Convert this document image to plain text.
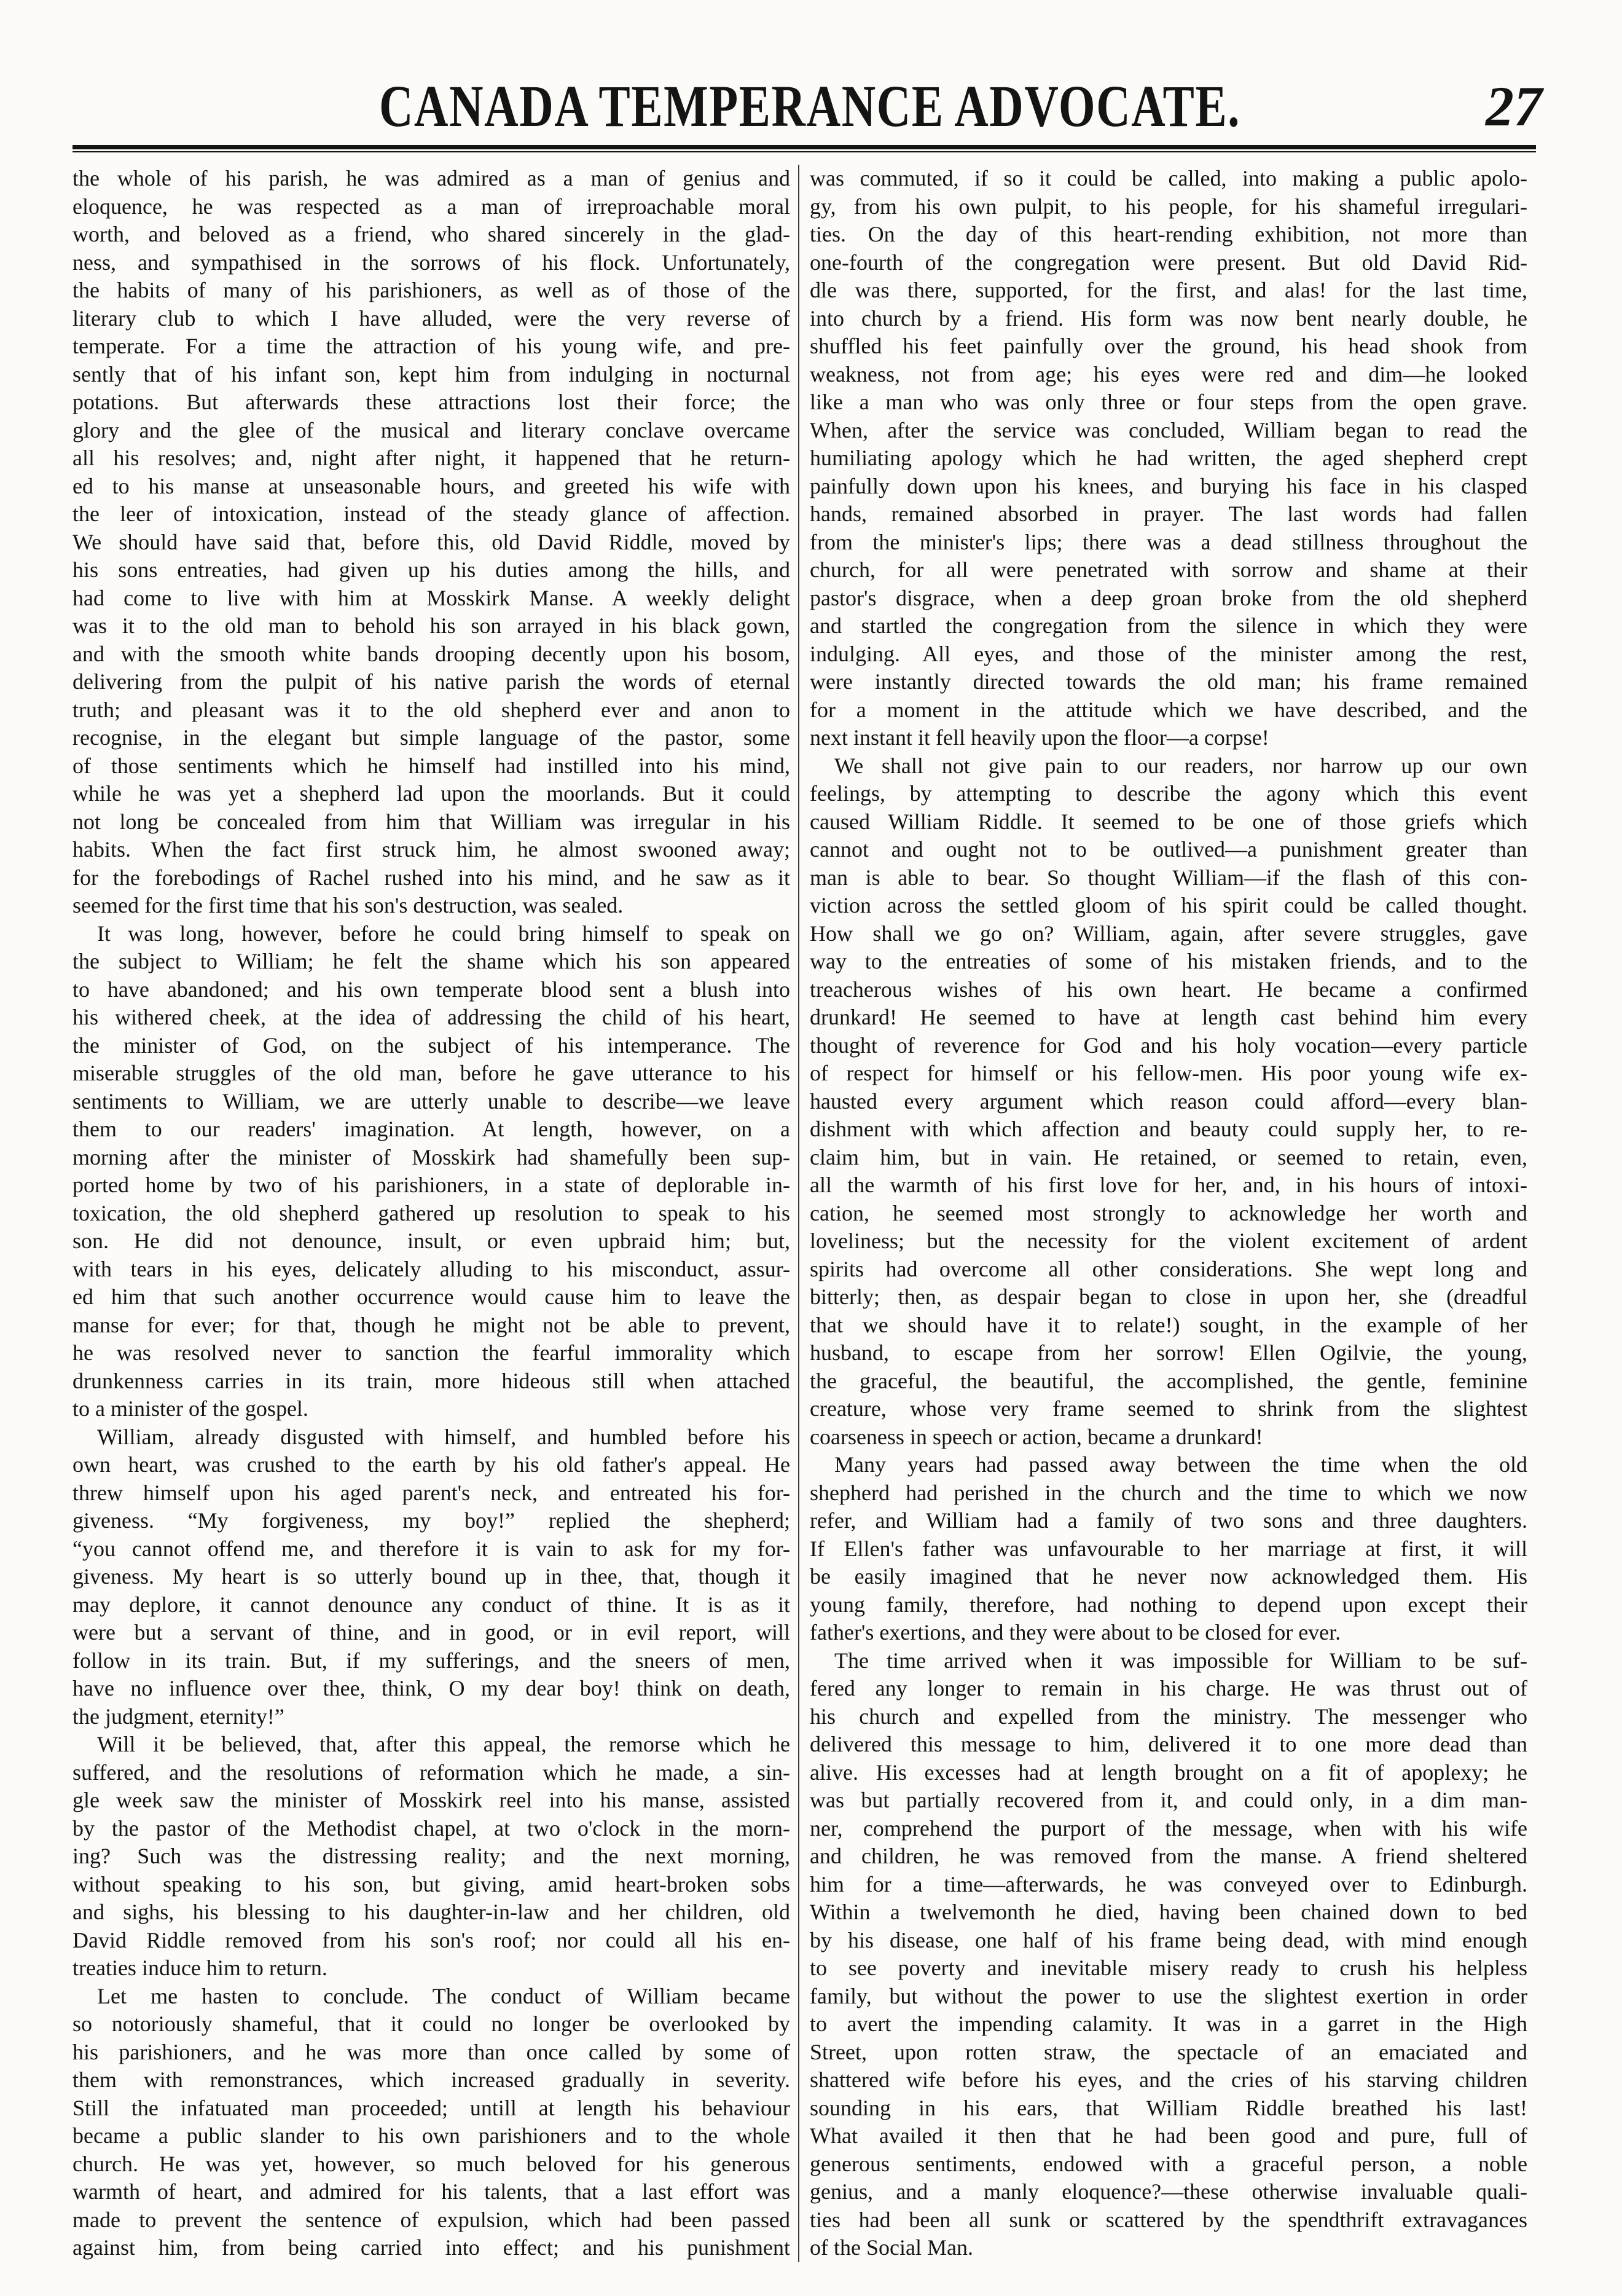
CANADA TEMPERANCE ADVOCATE.	27
the whole of his parish, he was admired as a man of genius and
eloquence, he was respected as a man of irreproachable moral
worth, and beloved as a friend, who shared sincerely in the glad-
ness, and sympathised in the sorrows of his flock. Unfortunately,
the habits of many of his parishioners, as well as of those of the
literary club to which I have alluded, were the very reverse of
temperate. For a time the attraction of his young wife, and pre-
sently that of his infant son, kept him from indulging in nocturnal
potations. But afterwards these attractions lost their force; the
glory and the glee of the musical and literary conclave overcame
all his resolves; and, night after night, it happened that he return-
ed to his manse at unseasonable hours, and greeted his wife with
the leer of intoxication, instead of the steady glance of affection.
We should have said that, before this, old David Riddle, moved by
his sons entreaties, had given up his duties among the hills, and
had come to live with him at Mosskirk Manse. A weekly delight
was it to the old man to behold his son arrayed in his black gown,
and with the smooth white bands drooping decently upon his bosom,
delivering from the pulpit of his native parish the words of eternal
truth; and pleasant was it to the old shepherd ever and anon to
recognise, in the elegant but simple language of the pastor, some
of those sentiments which he himself had instilled into his mind,
while he was yet a shepherd lad upon the moorlands. But it could
not long be concealed from him that William was irregular in his
habits. When the fact first struck him, he almost swooned away;
for the forebodings of Rachel rushed into his mind, and he saw as it
seemed for the first time that his son's destruction, was sealed.
It was long, however, before he could bring himself to speak on
the subject to William; he felt the shame which his son appeared
to have abandoned; and his own temperate blood sent a blush into
his withered cheek, at the idea of addressing the child of his heart,
the minister of God, on the subject of his intemperance. The
miserable struggles of the old man, before he gave utterance to his
sentiments to William, we are utterly unable to describe—we leave
them to our readers' imagination. At length, however, on a
morning after the minister of Mosskirk had shamefully been sup-
ported home by two of his parishioners, in a state of deplorable in-
toxication, the old shepherd gathered up resolution to speak to his
son. He did not denounce, insult, or even upbraid him; but,
with tears in his eyes, delicately alluding to his misconduct, assur-
ed him that such another occurrence would cause him to leave the
manse for ever; for that, though he might not be able to prevent,
he was resolved never to sanction the fearful immorality which
drunkenness carries in its train, more hideous still when attached
to a minister of the gospel.
William, already disgusted with himself, and humbled before his
own heart, was crushed to the earth by his old father's appeal. He
threw himself upon his aged parent's neck, and entreated his for-
giveness. “My forgiveness, my boy!” replied the shepherd;
“you cannot offend me, and therefore it is vain to ask for my for-
giveness. My heart is so utterly bound up in thee, that, though it
may deplore, it cannot denounce any conduct of thine. It is as it
were but a servant of thine, and in good, or in evil report, will
follow in its train. But, if my sufferings, and the sneers of men,
have no influence over thee, think, O my dear boy! think on death,
the judgment, eternity!”
Will it be believed, that, after this appeal, the remorse which he
suffered, and the resolutions of reformation which he made, a sin-
gle week saw the minister of Mosskirk reel into his manse, assisted
by the pastor of the Methodist chapel, at two o'clock in the morn-
ing? Such was the distressing reality; and the next morning,
without speaking to his son, but giving, amid heart-broken sobs
and sighs, his blessing to his daughter-in-law and her children, old
David Riddle removed from his son's roof; nor could all his en-
treaties induce him to return.
Let me hasten to conclude. The conduct of William became
so notoriously shameful, that it could no longer be overlooked by
his parishioners, and he was more than once called by some of
them with remonstrances, which increased gradually in severity.
Still the infatuated man proceeded; untill at length his behaviour
became a public slander to his own parishioners and to the whole
church. He was yet, however, so much beloved for his generous
warmth of heart, and admired for his talents, that a last effort was
made to prevent the sentence of expulsion, which had been passed
against him, from being carried into effect; and his punishment
was commuted, if so it could be called, into making a public apolo-
gy, from his own pulpit, to his people, for his shameful irregulari-
ties. On the day of this heart-rending exhibition, not more than
one-fourth of the congregation were present. But old David Rid-
dle was there, supported, for the first, and alas! for the last time,
into church by a friend. His form was now bent nearly double, he
shuffled his feet painfully over the ground, his head shook from
weakness, not from age; his eyes were red and dim—he looked
like a man who was only three or four steps from the open grave.
When, after the service was concluded, William began to read the
humiliating apology which he had written, the aged shepherd crept
painfully down upon his knees, and burying his face in his clasped
hands, remained absorbed in prayer. The last words had fallen
from the minister's lips; there was a dead stillness throughout the
church, for all were penetrated with sorrow and shame at their
pastor's disgrace, when a deep groan broke from the old shepherd
and startled the congregation from the silence in which they were
indulging. All eyes, and those of the minister among the rest,
were instantly directed towards the old man; his frame remained
for a moment in the attitude which we have described, and the
next instant it fell heavily upon the floor—a corpse!
We shall not give pain to our readers, nor harrow up our own
feelings, by attempting to describe the agony which this event
caused William Riddle. It seemed to be one of those griefs which
cannot and ought not to be outlived—a punishment greater than
man is able to bear. So thought William—if the flash of this con-
viction across the settled gloom of his spirit could be called thought.
How shall we go on? William, again, after severe struggles, gave
way to the entreaties of some of his mistaken friends, and to the
treacherous wishes of his own heart. He became a confirmed
drunkard! He seemed to have at length cast behind him every
thought of reverence for God and his holy vocation—every particle
of respect for himself or his fellow-men. His poor young wife ex-
hausted every argument which reason could afford—every blan-
dishment with which affection and beauty could supply her, to re-
claim him, but in vain. He retained, or seemed to retain, even,
all the warmth of his first love for her, and, in his hours of intoxi-
cation, he seemed most strongly to acknowledge her worth and
loveliness; but the necessity for the violent excitement of ardent
spirits had overcome all other considerations. She wept long and
bitterly; then, as despair began to close in upon her, she (dreadful
that we should have it to relate!) sought, in the example of her
husband, to escape from her sorrow! Ellen Ogilvie, the young,
the graceful, the beautiful, the accomplished, the gentle, feminine
creature, whose very frame seemed to shrink from the slightest
coarseness in speech or action, became a drunkard!
Many years had passed away between the time when the old
shepherd had perished in the church and the time to which we now
refer, and William had a family of two sons and three daughters.
If Ellen's father was unfavourable to her marriage at first, it will
be easily imagined that he never now acknowledged them. His
young family, therefore, had nothing to depend upon except their
father's exertions, and they were about to be closed for ever.
The time arrived when it was impossible for William to be suf-
fered any longer to remain in his charge. He was thrust out of
his church and expelled from the ministry. The messenger who
delivered this message to him, delivered it to one more dead than
alive. His excesses had at length brought on a fit of apoplexy; he
was but partially recovered from it, and could only, in a dim man-
ner, comprehend the purport of the message, when with his wife
and children, he was removed from the manse. A friend sheltered
him for a time—afterwards, he was conveyed over to Edinburgh.
Within a twelvemonth he died, having been chained down to bed
by his disease, one half of his frame being dead, with mind enough
to see poverty and inevitable misery ready to crush his helpless
family, but without the power to use the slightest exertion in order
to avert the impending calamity. It was in a garret in the High
Street, upon rotten straw, the spectacle of an emaciated and
shattered wife before his eyes, and the cries of his starving children
sounding in his ears, that William Riddle breathed his last!
What availed it then that he had been good and pure, full of
generous sentiments, endowed with a graceful person, a noble
genius, and a manly eloquence?—these otherwise invaluable quali-
ties had been all sunk or scattered by the spendthrift extravagances
of the Social Man.
